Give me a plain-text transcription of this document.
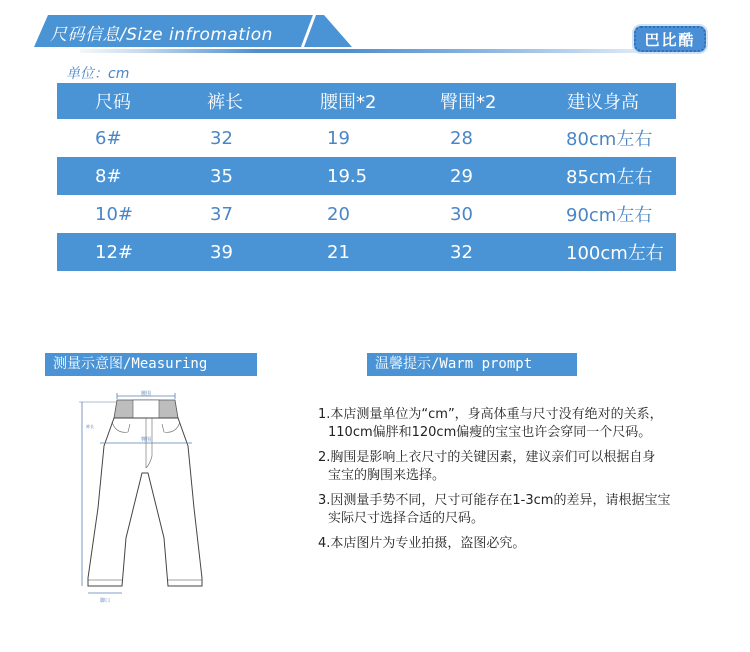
尺码信息/Size infromation	巴比酷
单位：cm
尺码	裤长	腰围*2	臀围*2	建议身高
6#	32	19	28	80cm左右
8#	35	19.5	29	85cm左右
10#	37	20	30	90cm左右
12#	39	21	32	100cm左右
测量示意图/Measuring	温馨提示/Warm prompt
腰围
裤长
臀围
脚口
1.本店测量单位为“cm”，身高体重与尺寸没有绝对的关系，
110cm偏胖和120cm偏瘦的宝宝也许会穿同一个尺码。
2.胸围是影响上衣尺寸的关键因素，建议亲们可以根据自身
宝宝的胸围来选择。
3.因测量手势不同，尺寸可能存在1-3cm的差异，请根据宝宝
实际尺寸选择合适的尺码。
4.本店图片为专业拍摄，盗图必究。
